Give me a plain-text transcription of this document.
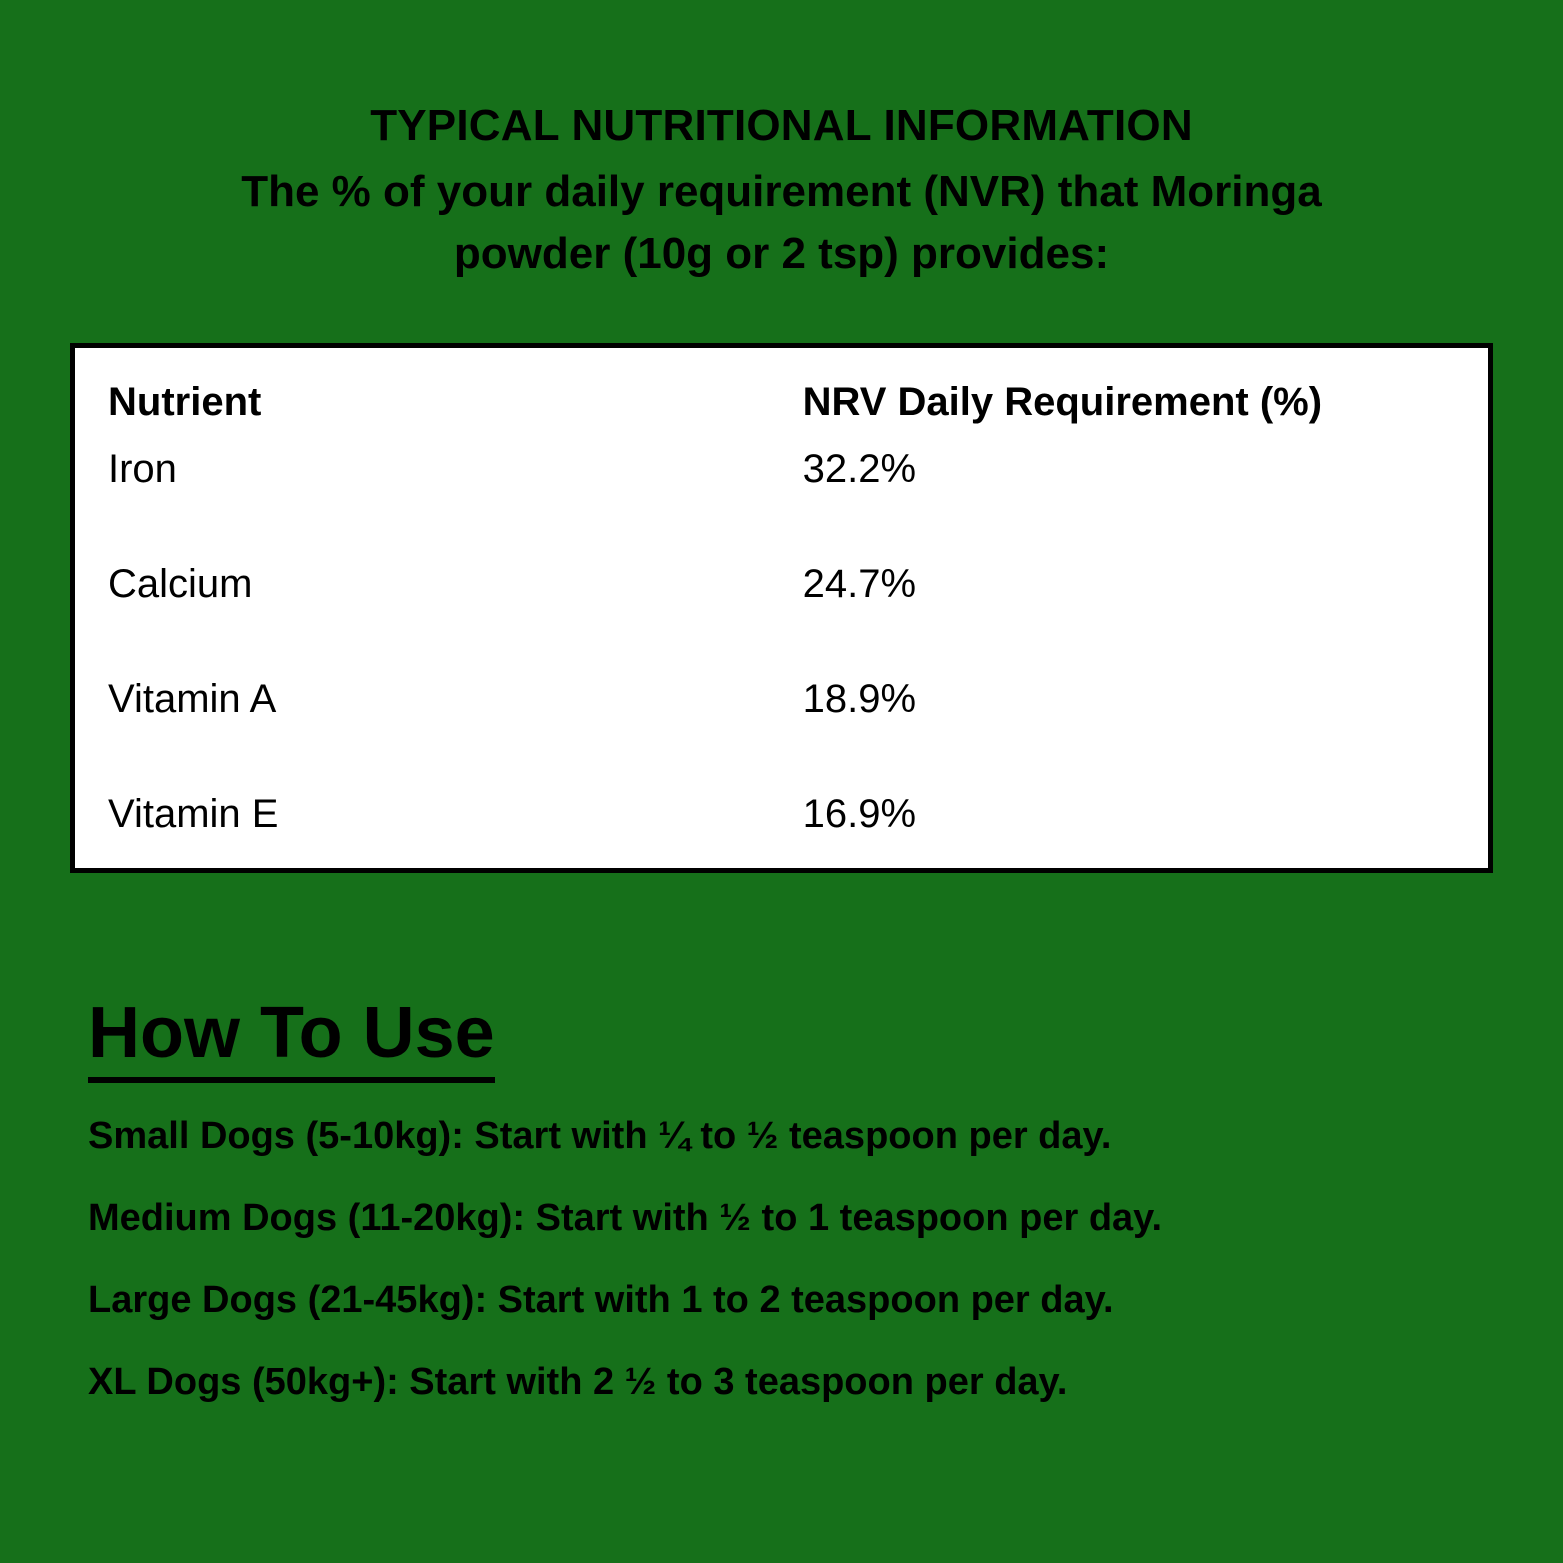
TYPICAL NUTRITIONAL INFORMATION
The % of your daily requirement (NVR) that Moringa powder (10g or 2 tsp) provides:
Nutrient	NRV Daily Requirement (%)
Iron	32.2%
Calcium	24.7%
Vitamin A	18.9%
Vitamin E	16.9%
How To Use
Small Dogs (5-10kg): Start with ¼ to ½ teaspoon per day.
Medium Dogs (11-20kg): Start with ½ to 1 teaspoon per day.
Large Dogs (21-45kg): Start with 1 to 2 teaspoon per day.
XL Dogs (50kg+): Start with 2 ½ to 3 teaspoon per day.
